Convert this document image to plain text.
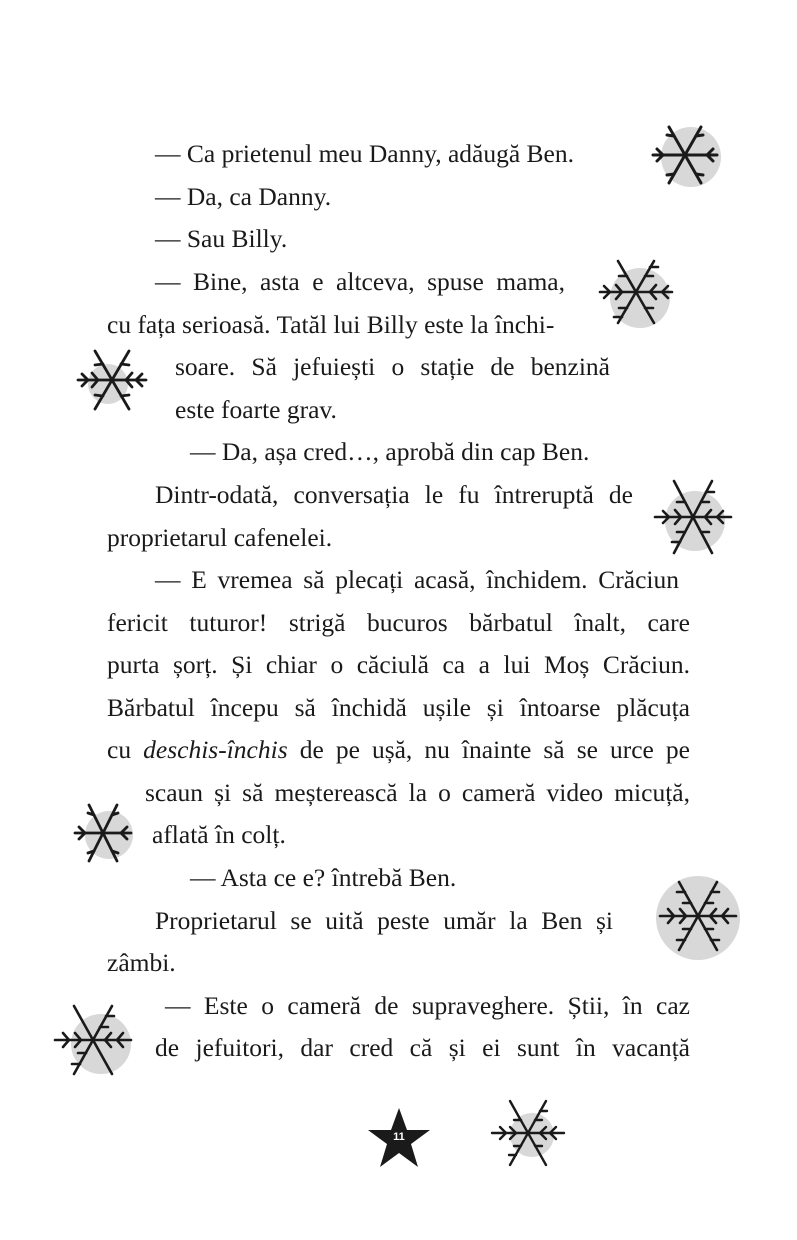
— Ca prietenul meu Danny, adăugă Ben.

— Da, ca Danny.

— Sau Billy.

— Bine, asta e altceva, spuse mama,

cu fața serioasă. Tatăl lui Billy este la închi-

soare. Să jefuiești o stație de benzină

este foarte grav.

— Da, așa cred…, aprobă din cap Ben.

Dintr-odată, conversația le fu întreruptă de

proprietarul cafenelei.

— E vremea să plecați acasă, închidem. Crăciun

fericit tuturor! strigă bucuros bărbatul înalt, care

purta șorț. Și chiar o căciulă ca a lui Moș Crăciun.

Bărbatul începu să închidă ușile și întoarse plăcuța

cu deschis-închis de pe ușă, nu înainte să se urce pe

scaun și să meșterească la o cameră video micuță,

aflată în colț.

— Asta ce e? întrebă Ben.

Proprietarul se uită peste umăr la Ben și

zâmbi.

— Este o cameră de supraveghere. Știi, în caz

de jefuitori, dar cred că și ei sunt în vacanță

11
